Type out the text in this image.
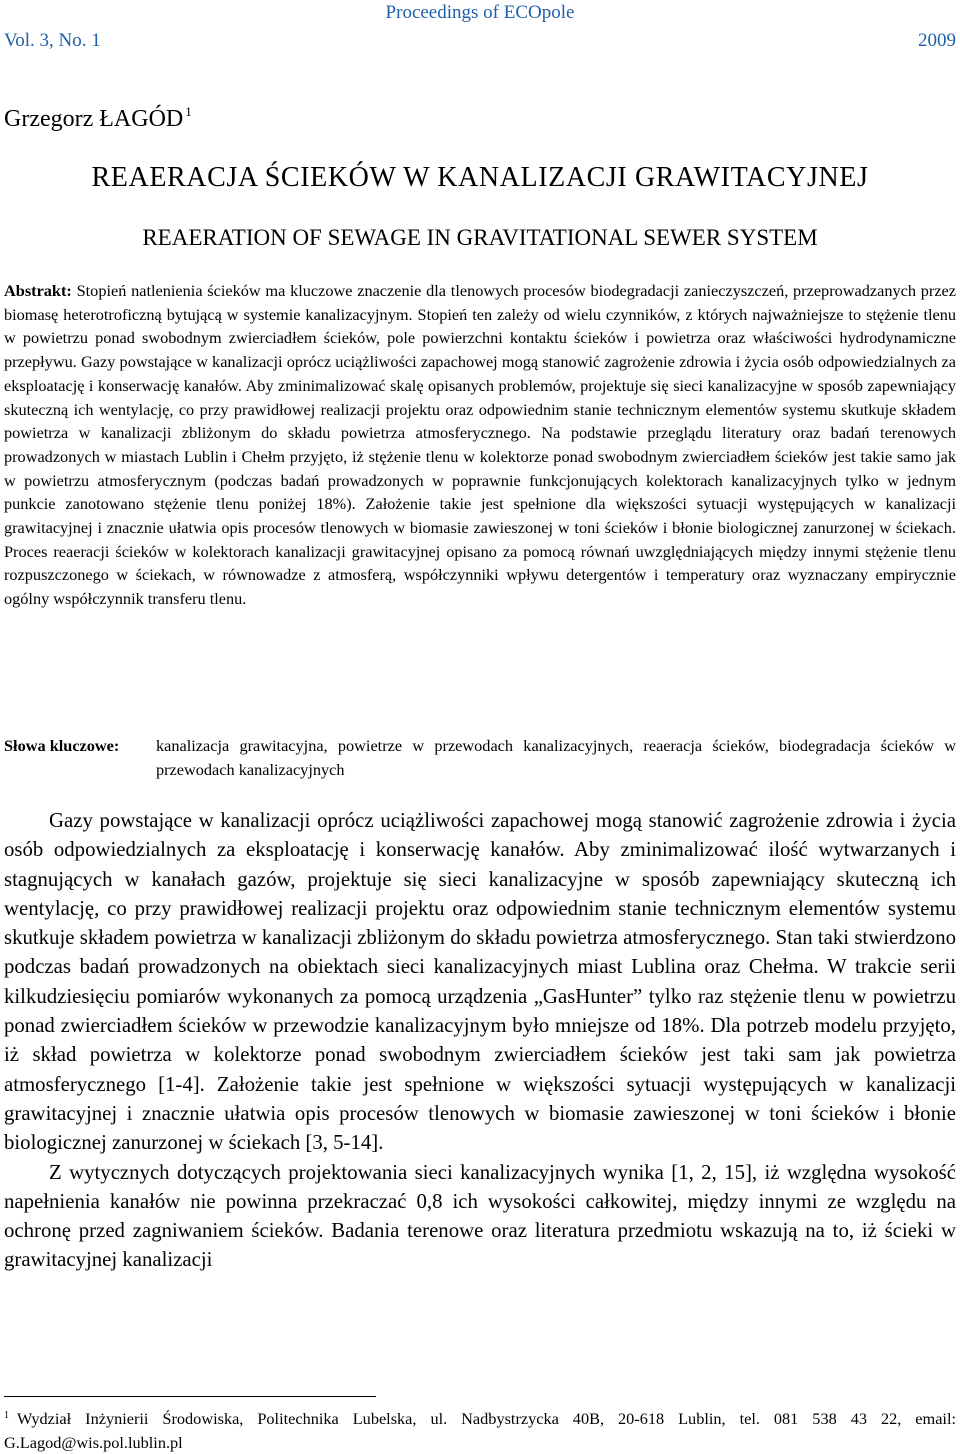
Proceedings of ECOpole
Vol. 3, No. 1	2009
Grzegorz ŁAGÓD $^1$
REAERACJA ŚCIEKÓW W KANALIZACJI GRAWITACYJNEJ
REAERATION OF SEWAGE IN GRAVITATIONAL SEWER SYSTEM

Abstrakt: Stopień natlenienia ścieków ma kluczowe znaczenie dla tlenowych procesów biodegradacji zanieczyszczeń, przeprowadzanych przez biomasę heterotroficzną bytującą w systemie kanalizacyjnym. Stopień ten zależy od wielu czynników, z których najważniejsze to stężenie tlenu w powietrzu ponad swobodnym zwierciadłem ścieków, pole powierzchni kontaktu ścieków i powietrza oraz właściwości hydrodynamiczne przepływu. Gazy powstające w kanalizacji oprócz uciążliwości zapachowej mogą stanowić zagrożenie zdrowia i życia osób odpowiedzialnych za eksploatację i konserwację kanałów. Aby zminimalizować skalę opisanych problemów, projektuje się sieci kanalizacyjne w sposób zapewniający skuteczną ich wentylację, co przy prawidłowej realizacji projektu oraz odpowiednim stanie technicznym elementów systemu skutkuje składem powietrza w kanalizacji zbliżonym do składu powietrza atmosferycznego. Na podstawie przeglądu literatury oraz badań terenowych prowadzonych w miastach Lublin i Chełm przyjęto, iż stężenie tlenu w kolektorze ponad swobodnym zwierciadłem ścieków jest takie samo jak w powietrzu atmosferycznym (podczas badań prowadzonych w poprawnie funkcjonujących kolektorach kanalizacyjnych tylko w jednym punkcie zanotowano stężenie tlenu poniżej 18%). Założenie takie jest spełnione dla większości sytuacji występujących w kanalizacji grawitacyjnej i znacznie ułatwia opis procesów tlenowych w biomasie zawieszonej w toni ścieków i błonie biologicznej zanurzonej w ściekach. Proces reaeracji ścieków w kolektorach kanalizacji grawitacyjnej opisano za pomocą równań uwzględniających między innymi stężenie tlenu rozpuszczonego w ściekach, w równowadze z atmosferą, współczynniki wpływu detergentów i temperatury oraz wyznaczany empirycznie ogólny współczynnik transferu tlenu.

Słowa kluczowe:	kanalizacja grawitacyjna, powietrze w przewodach kanalizacyjnych, reaeracja ścieków, biodegradacja ścieków w przewodach kanalizacyjnych

Gazy powstające w kanalizacji oprócz uciążliwości zapachowej mogą stanowić zagrożenie zdrowia i życia osób odpowiedzialnych za eksploatację i konserwację kanałów. Aby zminimalizować ilość wytwarzanych i stagnujących w kanałach gazów, projektuje się sieci kanalizacyjne w sposób zapewniający skuteczną ich wentylację, co przy prawidłowej realizacji projektu oraz odpowiednim stanie technicznym elementów systemu skutkuje składem powietrza w kanalizacji zbliżonym do składu powietrza atmosferycznego. Stan taki stwierdzono podczas badań prowadzonych na obiektach sieci kanalizacyjnych miast Lublina oraz Chełma. W trakcie serii kilkudziesięciu pomiarów wykonanych za pomocą urządzenia „GasHunter” tylko raz stężenie tlenu w powietrzu ponad zwierciadłem ścieków w przewodzie kanalizacyjnym było mniejsze od 18%. Dla potrzeb modelu przyjęto, iż skład powietrza w kolektorze ponad swobodnym zwierciadłem ścieków jest taki sam jak powietrza atmosferycznego [1-4]. Założenie takie jest spełnione w większości sytuacji występujących w kanalizacji grawitacyjnej i znacznie ułatwia opis procesów tlenowych w biomasie zawieszonej w toni ścieków i błonie biologicznej zanurzonej w ściekach [3, 5-14].

Z wytycznych dotyczących projektowania sieci kanalizacyjnych wynika [1, 2, 15], iż względna wysokość napełnienia kanałów nie powinna przekraczać 0,8 ich wysokości całkowitej, między innymi ze względu na ochronę przed zagniwaniem ścieków. Badania terenowe oraz literatura przedmiotu wskazują na to, iż ścieki w grawitacyjnej kanalizacji

$^1$ Wydział Inżynierii Środowiska, Politechnika Lubelska, ul. Nadbystrzycka 40B, 20-618 Lublin, tel. 081 538 43 22, email: G.Lagod@wis.pol.lublin.pl
